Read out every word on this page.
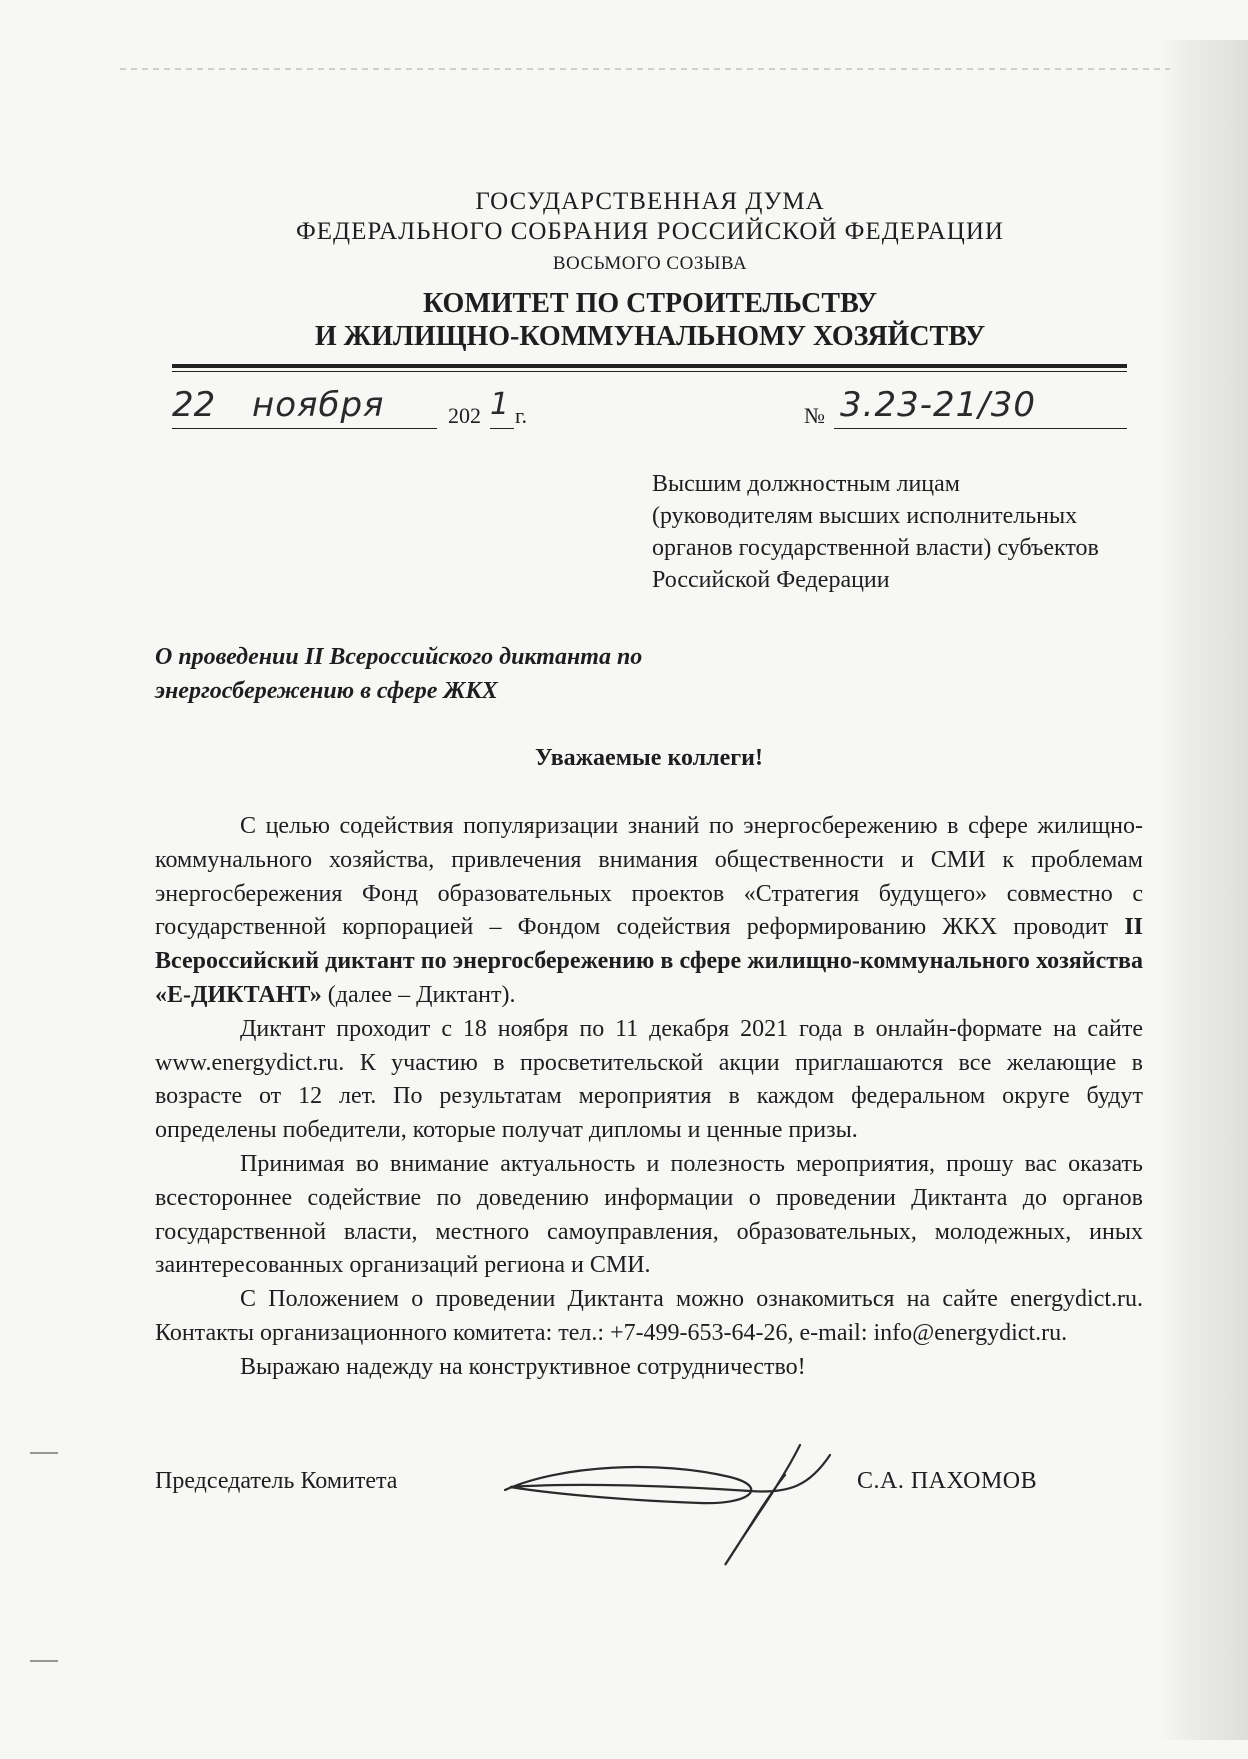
ГОСУДАРСТВЕННАЯ ДУМА
ФЕДЕРАЛЬНОГО СОБРАНИЯ РОССИЙСКОЙ ФЕДЕРАЦИИ
ВОСЬМОГО СОЗЫВА
КОМИТЕТ ПО СТРОИТЕЛЬСТВУ
И ЖИЛИЩНО-КОММУНАЛЬНОМУ ХОЗЯЙСТВУ
22 ноября	202 1 г.	№ 3.23-21/30
Высшим должностным лицам
(руководителям высших исполнительных
органов государственной власти) субъектов
Российской Федерации
О проведении II Всероссийского диктанта по
энергосбережению в сфере ЖКХ
Уважаемые коллеги!

С целью содействия популяризации знаний по энергосбережению в сфере жилищно-коммунального хозяйства, привлечения внимания общественности и СМИ к проблемам энергосбережения Фонд образовательных проектов «Стратегия будущего» совместно с государственной корпорацией – Фондом содействия реформированию ЖКХ проводит II Всероссийский диктант по энергосбережению в сфере жилищно-коммунального хозяйства «Е-ДИКТАНТ» (далее – Диктант).

Диктант проходит с 18 ноября по 11 декабря 2021 года в онлайн-формате на сайте www.energydict.ru. К участию в просветительской акции приглашаются все желающие в возрасте от 12 лет. По результатам мероприятия в каждом федеральном округе будут определены победители, которые получат дипломы и ценные призы.

Принимая во внимание актуальность и полезность мероприятия, прошу вас оказать всестороннее содействие по доведению информации о проведении Диктанта до органов государственной власти, местного самоуправления, образовательных, молодежных, иных заинтересованных организаций региона и СМИ.

С Положением о проведении Диктанта можно ознакомиться на сайте energydict.ru. Контакты организационного комитета: тел.: +7-499-653-64-26, e-mail: info@energydict.ru.

Выражаю надежду на конструктивное сотрудничество!

Председатель Комитета	С.А. ПАХОМОВ
